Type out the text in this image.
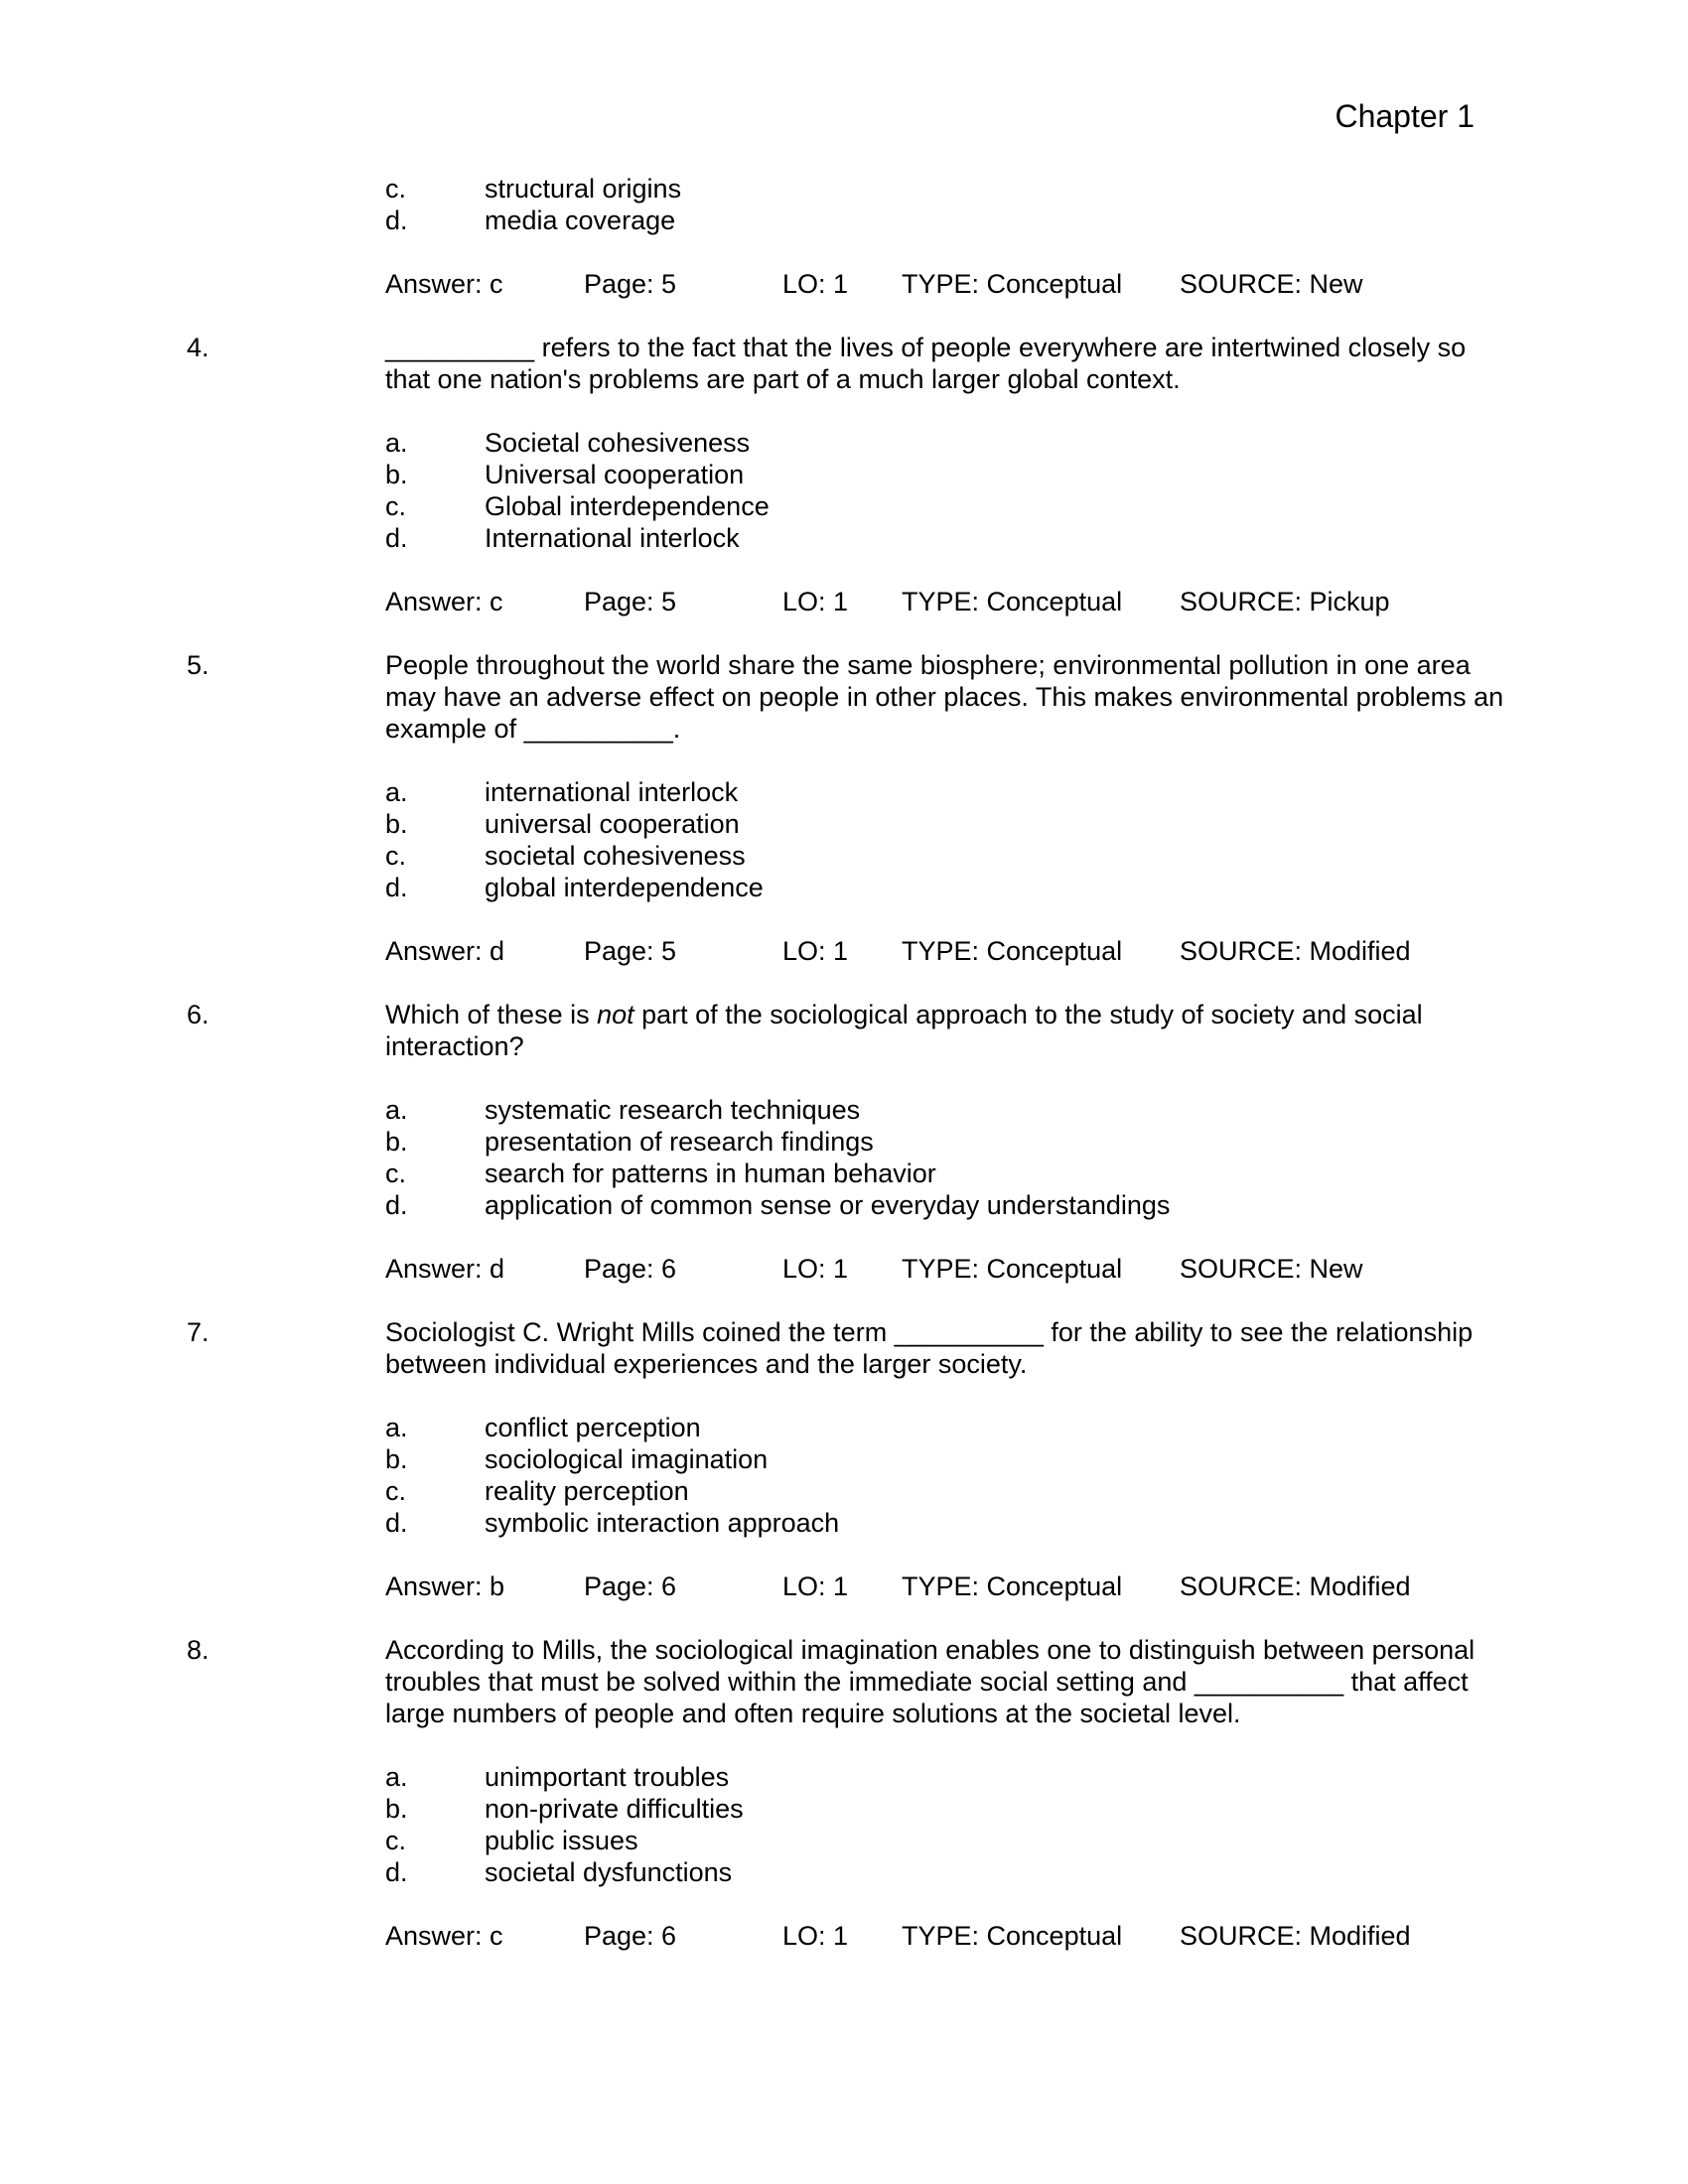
Chapter 1
c.	structural origins
d.	media coverage
Answer: c	Page: 5	LO: 1	TYPE: Conceptual	SOURCE: New
4.	__________ refers to the fact that the lives of people everywhere are intertwined closely so that one nation's problems are part of a much larger global context.
a.	Societal cohesiveness
b.	Universal cooperation
c.	Global interdependence
d.	International interlock
Answer: c	Page: 5	LO: 1	TYPE: Conceptual	SOURCE: Pickup
5.	People throughout the world share the same biosphere; environmental pollution in one area may have an adverse effect on people in other places. This makes environmental problems an example of __________.
a.	international interlock
b.	universal cooperation
c.	societal cohesiveness
d.	global interdependence
Answer: d	Page: 5	LO: 1	TYPE: Conceptual	SOURCE: Modified
6.	Which of these is not part of the sociological approach to the study of society and social interaction?
a.	systematic research techniques
b.	presentation of research findings
c.	search for patterns in human behavior
d.	application of common sense or everyday understandings
Answer: d	Page: 6	LO: 1	TYPE: Conceptual	SOURCE: New
7.	Sociologist C. Wright Mills coined the term __________ for the ability to see the relationship between individual experiences and the larger society.
a.	conflict perception
b.	sociological imagination
c.	reality perception
d.	symbolic interaction approach
Answer: b	Page: 6	LO: 1	TYPE: Conceptual	SOURCE: Modified
8.	According to Mills, the sociological imagination enables one to distinguish between personal troubles that must be solved within the immediate social setting and __________ that affect large numbers of people and often require solutions at the societal level.
a.	unimportant troubles
b.	non-private difficulties
c.	public issues
d.	societal dysfunctions
Answer: c	Page: 6	LO: 1	TYPE: Conceptual	SOURCE: Modified
